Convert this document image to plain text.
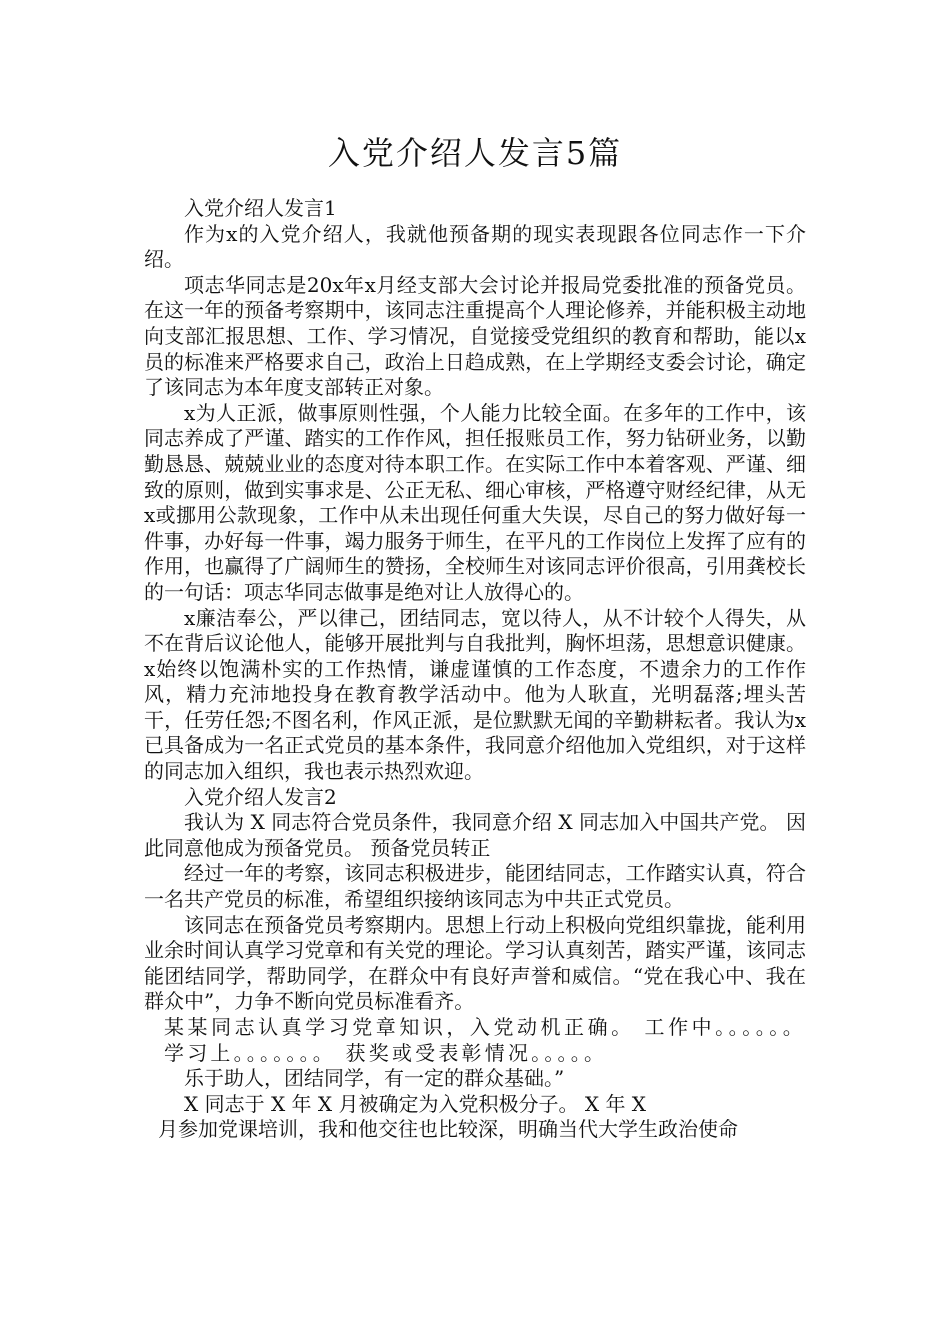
入党介绍人发言5篇

入党介绍人发言1

作为x的入党介绍人，我就他预备期的现实表现跟各位同志作一下介绍。

项志华同志是20x年x月经支部大会讨论并报局党委批准的预备党员。在这一年的预备考察期中，该同志注重提高个人理论修养，并能积极主动地向支部汇报思想、工作、学习情况，自觉接受党组织的教育和帮助，能以x员的标准来严格要求自己，政治上日趋成熟，在上学期经支委会讨论，确定了该同志为本年度支部转正对象。

x为人正派，做事原则性强，个人能力比较全面。在多年的工作中，该同志养成了严谨、踏实的工作作风，担任报账员工作，努力钻研业务，以勤勤恳恳、兢兢业业的态度对待本职工作。在实际工作中本着客观、严谨、细致的原则，做到实事求是、公正无私、细心审核，严格遵守财经纪律，从无x或挪用公款现象，工作中从未出现任何重大失误，尽自己的努力做好每一件事，办好每一件事，竭力服务于师生，在平凡的工作岗位上发挥了应有的作用，也赢得了广阔师生的赞扬，全校师生对该同志评价很高，引用龚校长的一句话：项志华同志做事是绝对让人放得心的。

x廉洁奉公，严以律己，团结同志，宽以待人，从不计较个人得失，从不在背后议论他人，能够开展批判与自我批判，胸怀坦荡，思想意识健康。x始终以饱满朴实的工作热情，谦虚谨慎的工作态度，不遗余力的工作作风，精力充沛地投身在教育教学活动中。他为人耿直，光明磊落;埋头苦干，任劳任怨;不图名利，作风正派，是位默默无闻的辛勤耕耘者。我认为x已具备成为一名正式党员的基本条件，我同意介绍他加入党组织，对于这样的同志加入组织，我也表示热烈欢迎。

入党介绍人发言2

我认为 X 同志符合党员条件，我同意介绍 X 同志加入中国共产党。 因此同意他成为预备党员。 预备党员转正

经过一年的考察，该同志积极进步，能团结同志，工作踏实认真，符合一名共产党员的标准，希望组织接纳该同志为中共正式党员。

该同志在预备党员考察期内。思想上行动上积极向党组织靠拢，能利用业余时间认真学习党章和有关党的理论。学习认真刻苦，踏实严谨，该同志能团结同学，帮助同学，在群众中有良好声誉和威信。“党在我心中、我在群众中”，力争不断向党员标准看齐。

某某同志认真学习党章知识，入党动机正确。 工作中。。。。。。 学习上。。。。。。。 获奖或受表彰情况。。。。。

乐于助人，团结同学，有一定的群众基础。”

X 同志于 X 年 X 月被确定为入党积极分子。 X 年 X

月参加党课培训，我和他交往也比较深，明确当代大学生政治使命
